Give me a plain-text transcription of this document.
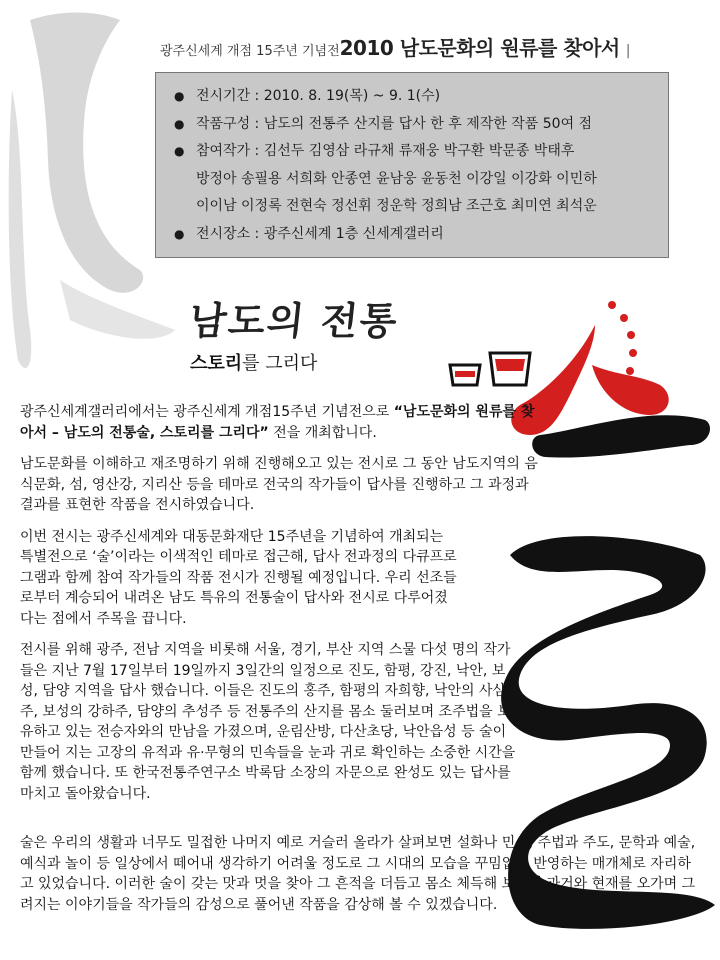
광주신세계 개점 15주년 기념전2010 남도문화의 원류를 찾아서 |
● 전시기간 : 2010. 8. 19(목) ~ 9. 1(수)
● 작품구성 : 남도의 전통주 산지를 답사 한 후 제작한 작품 50여 점
● 참여작가 : 김선두 김영삼 라규채 류재웅 박구환 박문종 박태후
방정아 송필용 서희화 안종연 윤남웅 윤동천 이강일 이강화 이민하
이이남 이정록 전현숙 정선휘 정운학 정희남 조근호 최미연 최석운
● 전시장소 : 광주신세계 1층 신세계갤러리
남도의 전통
스토리를 그리다

광주신세계갤러리에서는 광주신세계 개점15주년 기념전으로 “남도문화의 원류를 찾아서 – 남도의 전통술, 스토리를 그리다” 전을 개최합니다.

남도문화를 이해하고 재조명하기 위해 진행해오고 있는 전시로 그 동안 남도지역의 음식문화, 섬, 영산강, 지리산 등을 테마로 전국의 작가들이 답사를 진행하고 그 과정과 결과를 표현한 작품을 전시하였습니다.

이번 전시는 광주신세계와 대동문화재단 15주년을 기념하여 개최되는 특별전으로 ‘술’이라는 이색적인 테마로 접근해, 답사 전과정의 다큐프로그램과 함께 참여 작가들의 작품 전시가 진행될 예정입니다. 우리 선조들로부터 계승되어 내려온 남도 특유의 전통술이 답사와 전시로 다루어졌다는 점에서 주목을 끕니다.

전시를 위해 광주, 전남 지역을 비롯해 서울, 경기, 부산 지역 스물 다섯 명의 작가들은 지난 7월 17일부터 19일까지 3일간의 일정으로 진도, 함평, 강진, 낙안, 보성, 담양 지역을 답사 했습니다. 이들은 진도의 홍주, 함평의 자희향, 낙안의 사삼주, 보성의 강하주, 담양의 추성주 등 전통주의 산지를 몸소 둘러보며 조주법을 보유하고 있는 전승자와의 만남을 가졌으며, 운림산방, 다산초당, 낙안읍성 등 술이 만들어 지는 고장의 유적과 유·무형의 민속들을 눈과 귀로 확인하는 소중한 시간을 함께 했습니다. 또 한국전통주연구소 박록담 소장의 자문으로 완성도 있는 답사를 마치고 돌아왔습니다.

술은 우리의 생활과 너무도 밀접한 나머지 예로 거슬러 올라가 살펴보면 설화나 민속, 주법과 주도, 문학과 예술, 예식과 놀이 등 일상에서 떼어내 생각하기 어려울 정도로 그 시대의 모습을 꾸밈없이 반영하는 매개체로 자리하고 있었습니다. 이러한 술이 갖는 맛과 멋을 찾아 그 흔적을 더듬고 몸소 체득해 보면서 과거와 현재를 오가며 그려지는 이야기들을 작가들의 감성으로 풀어낸 작품을 감상해 볼 수 있겠습니다.
